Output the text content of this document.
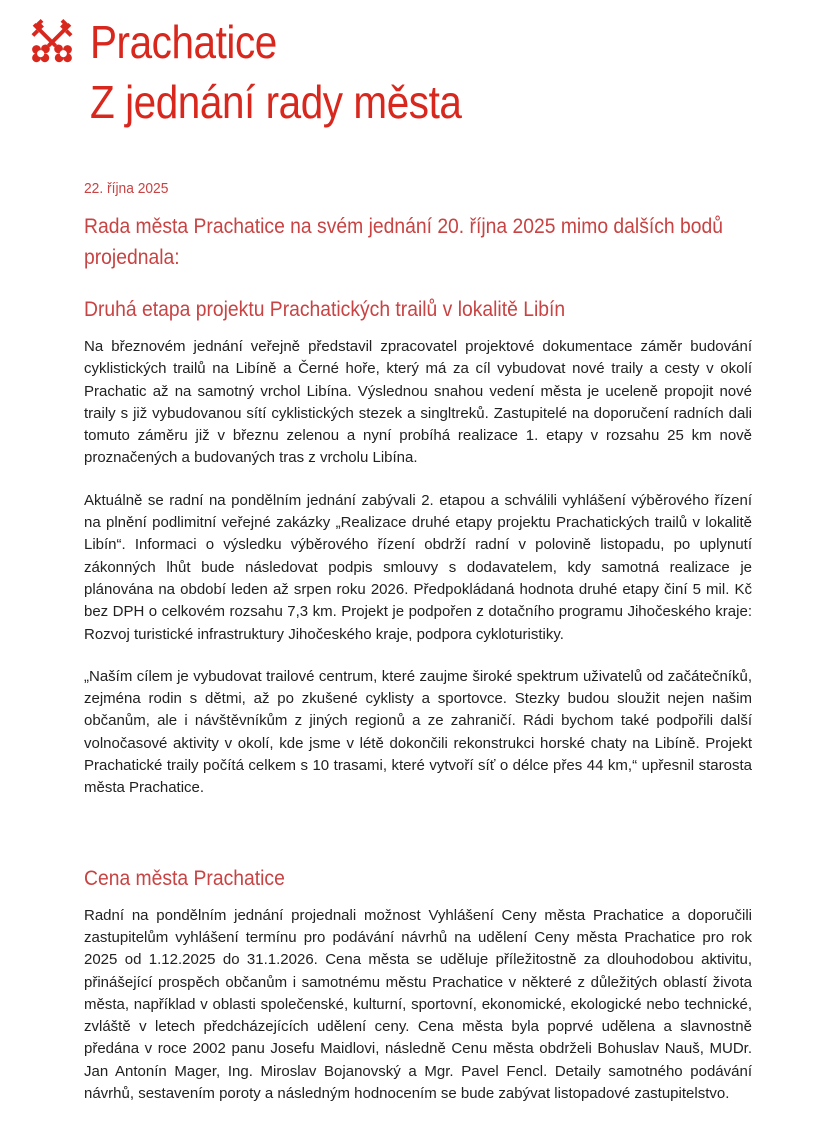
Prachatice
Z jednání rady města
22. října 2025
Rada města Prachatice na svém jednání 20. října 2025 mimo dalších bodů projednala:
Druhá etapa projektu Prachatických trailů v lokalitě Libín

Na březnovém jednání veřejně představil zpracovatel projektové dokumentace záměr budování cyklistických trailů na Libíně a Černé hoře, který má za cíl vybudovat nové traily a cesty v okolí Prachatic až na samotný vrchol Libína. Výslednou snahou vedení města je uceleně propojit nové traily s již vybudovanou sítí cyklistických stezek a singltreků. Zastupitelé na doporučení radních dali tomuto záměru již v březnu zelenou a nyní probíhá realizace 1. etapy v rozsahu 25 km nově proznačených a budovaných tras z vrcholu Libína.

Aktuálně se radní na pondělním jednání zabývali 2. etapou a schválili vyhlášení výběrového řízení na plnění podlimitní veřejné zakázky „Realizace druhé etapy projektu Prachatických trailů v lokalitě Libín“. Informaci o výsledku výběrového řízení obdrží radní v polovině listopadu, po uplynutí zákonných lhůt bude následovat podpis smlouvy s dodavatelem, kdy samotná realizace je plánována na období leden až srpen roku 2026. Předpokládaná hodnota druhé etapy činí 5 mil. Kč bez DPH o celkovém rozsahu 7,3 km. Projekt je podpořen z dotačního programu Jihočeského kraje: Rozvoj turistické infrastruktury Jihočeského kraje, podpora cykloturistiky.

„Naším cílem je vybudovat trailové centrum, které zaujme široké spektrum uživatelů od začátečníků, zejména rodin s dětmi, až po zkušené cyklisty a sportovce. Stezky budou sloužit nejen našim občanům, ale i návštěvníkům z jiných regionů a ze zahraničí. Rádi bychom také podpořili další volnočasové aktivity v okolí, kde jsme v létě dokončili rekonstrukci horské chaty na Libíně. Projekt Prachatické traily počítá celkem s 10 trasami, které vytvoří síť o délce přes 44 km,“ upřesnil starosta města Prachatice.

Cena města Prachatice

Radní na pondělním jednání projednali možnost Vyhlášení Ceny města Prachatice a doporučili zastupitelům vyhlášení termínu pro podávání návrhů na udělení Ceny města Prachatice pro rok 2025 od 1.12.2025 do 31.1.2026. Cena města se uděluje příležitostně za dlouhodobou aktivitu, přinášející prospěch občanům i samotnému městu Prachatice v některé z důležitých oblastí života města, například v oblasti společenské, kulturní, sportovní, ekonomické, ekologické nebo technické, zvláště v letech předcházejících udělení ceny. Cena města byla poprvé udělena a slavnostně předána v roce 2002 panu Josefu Maidlovi, následně Cenu města obdrželi Bohuslav Nauš, MUDr. Jan Antonín Mager, Ing. Miroslav Bojanovský a Mgr. Pavel Fencl. Detaily samotného podávání návrhů, sestavením poroty a následným hodnocením se bude zabývat listopadové zastupitelstvo.
